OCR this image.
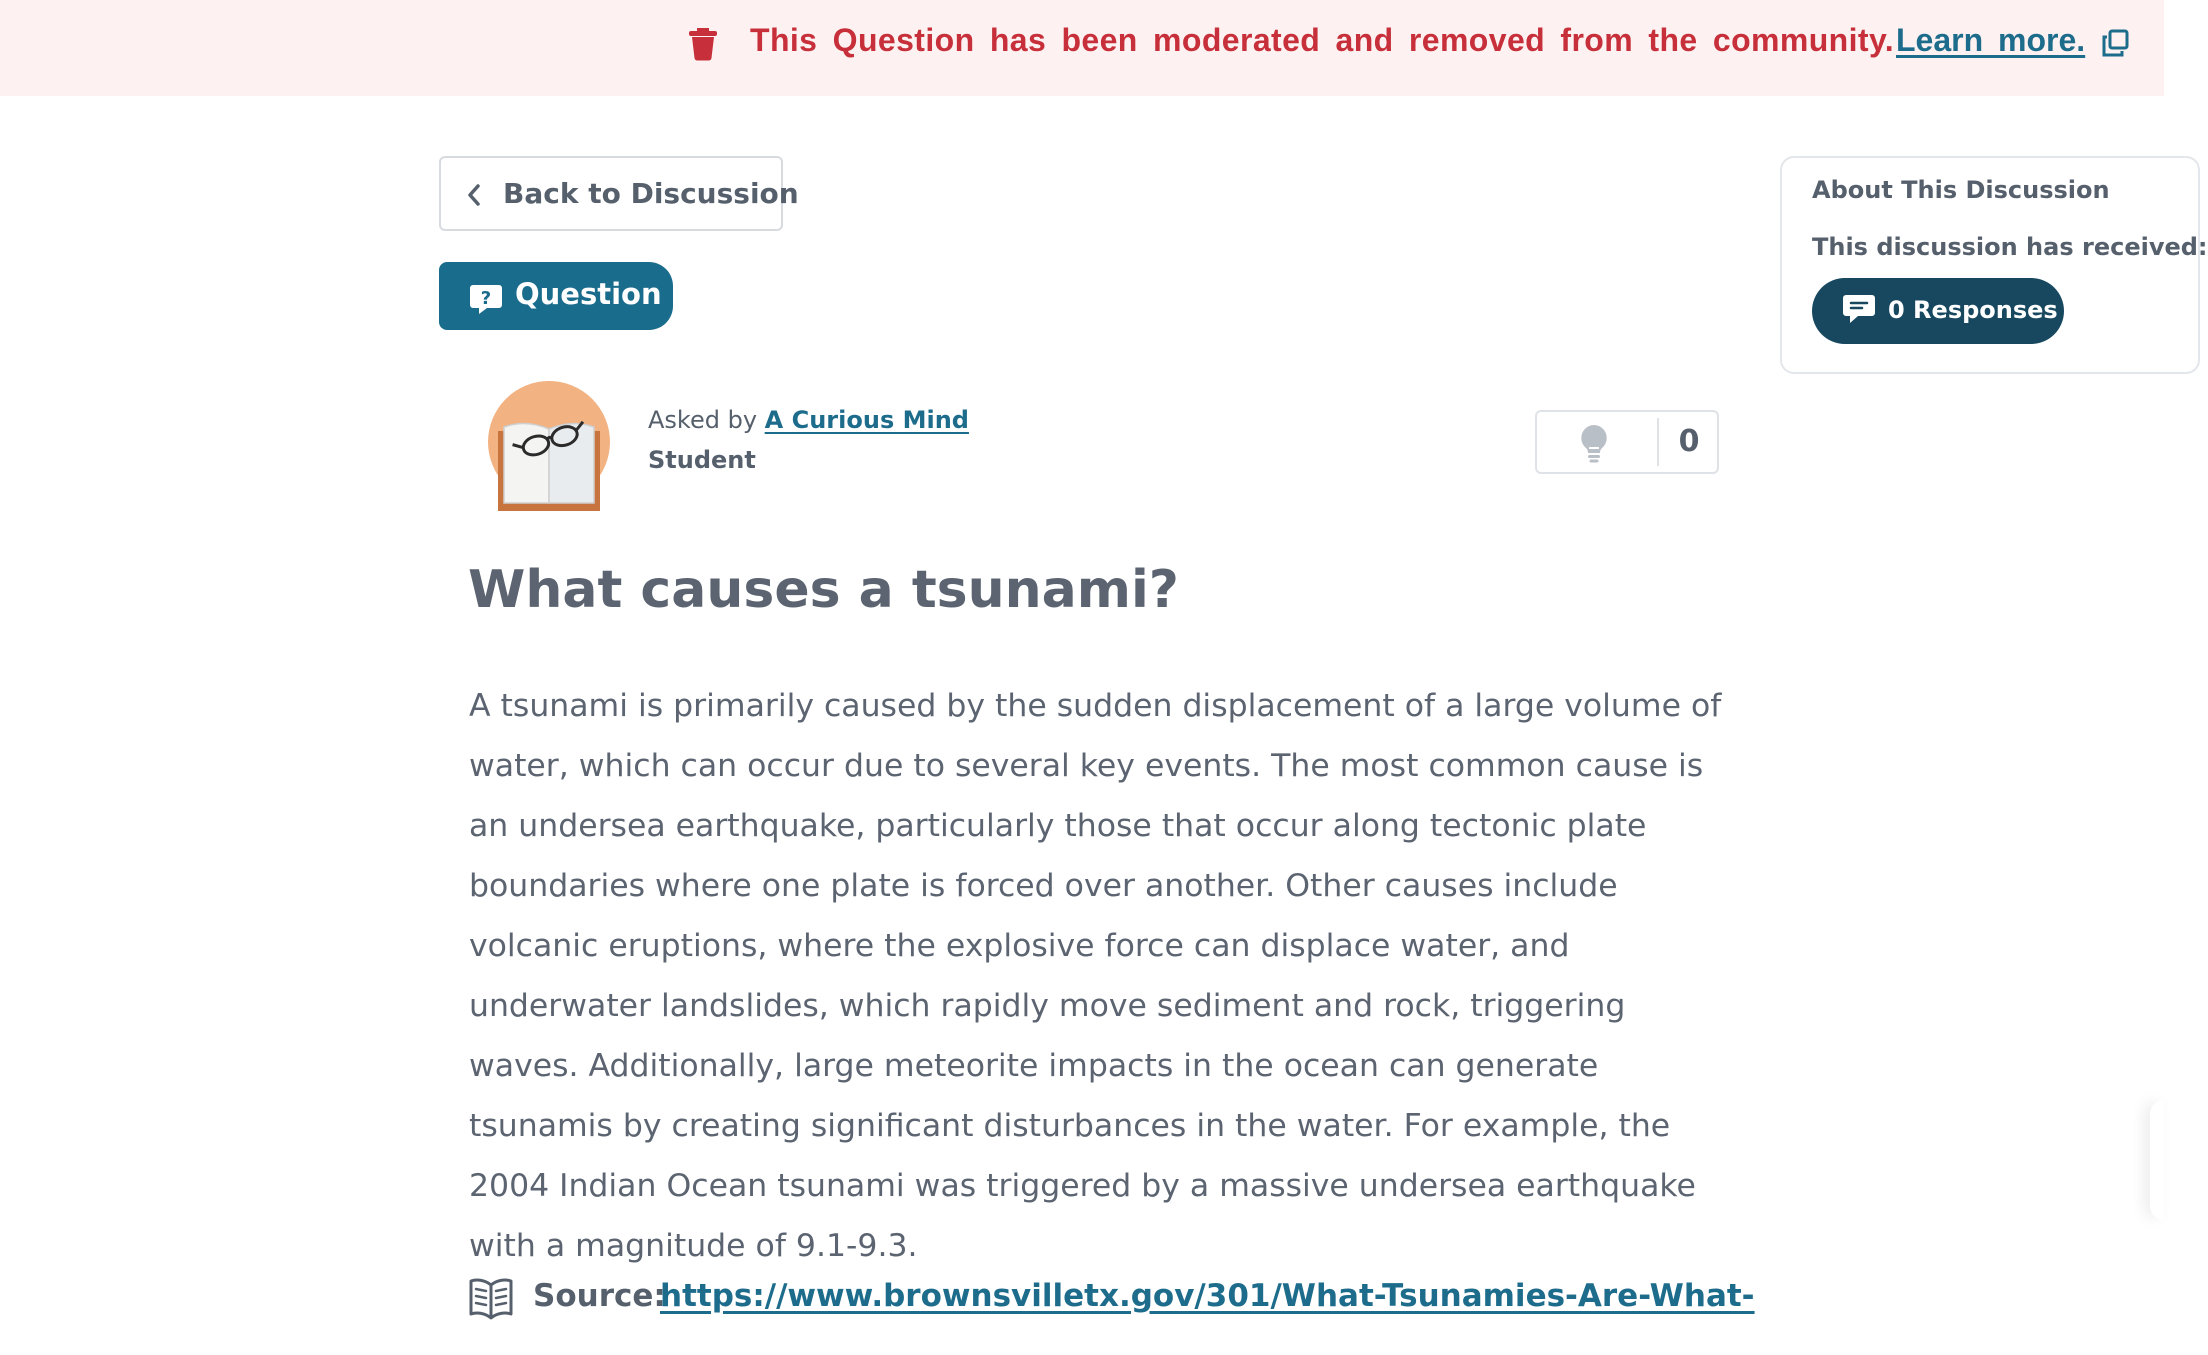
This Question has been moderated and removed from the community. Learn more.
Back to Discussion
? Question
Asked by A Curious Mind
Student
0
What causes a tsunami?

A tsunami is primarily caused by the sudden displacement of a large volume of water, which can occur due to several key events. The most common cause is an undersea earthquake, particularly those that occur along tectonic plate boundaries where one plate is forced over another. Other causes include volcanic eruptions, where the explosive force can displace water, and underwater landslides, which rapidly move sediment and rock, triggering waves. Additionally, large meteorite impacts in the ocean can generate tsunamis by creating significant disturbances in the water. For example, the 2004 Indian Ocean tsunami was triggered by a massive undersea earthquake with a magnitude of 9.1-9.3.

Source:
https://www.brownsvilletx.gov/301/What-Tsunamies-Are-What-
About This Discussion
This discussion has received:
0 Responses
